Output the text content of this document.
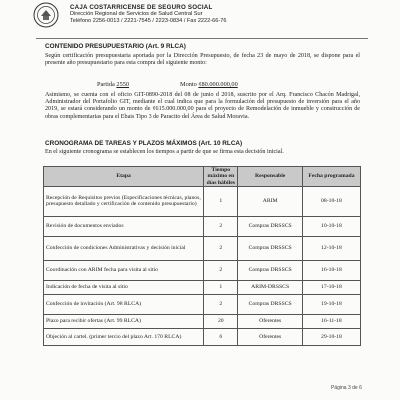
CAJA COSTARRICENSE DE SEGURO SOCIAL
Dirección Regional de Servicios de Salud Central Sur
Teléfono 2256-0013 / 2221-7545 / 2223-0834 / Fax 2222-66-76
CONTENIDO PRESUPUESTARIO (Art. 9 RLCA)
Según certificación presupuestaria aportada por la Dirección Presupuesto, de fecha 23 de mayo de 2018, se dispone para el presente año presupuestario para esta compra del siguiente monto:
Partida 2550	Monto ¢80.000.000,00
Asimismo, se cuenta con el oficio GIT-0890-2018 del 08 de junio d 2018, suscrito por el Arq. Francisco Chacón Madrigal, Administrador del Portafolio GIT, mediante el cual indica que para la formulación del presupuesto de inversión para el año 2019, se estará considerando un monto de ¢615.000.000,00 para el proyecto de Remodelación de inmueble y construcción de obras complementarias para el Ebais Tipo 3 de Paracito del Área de Salud Moravia.
CRONOGRAMA DE TAREAS Y PLAZOS MÁXIMOS (Art. 10 RLCA)
En el siguiente cronograma se establecen los tiempos a partir de que se firma esta decisión inicial.
Etapa	Tiempo máximo en días hábiles	Responsable	Fecha programada
Recepción de Requisitos previos (Especificaciones técnicas, planos, presupuesto detallado y certificación de contenido presupuestario)	1	ARIM	08-10-18
Revisión de documentos enviados	2	Compras DRSSCS	10-10-18
Confección de condiciones Administrativas y decisión inicial	2	Compras DRSSCS	12-10-18
Coordinación con ARIM fecha para visita al sitio	2	Compras DRSSCS	16-10-18
Indicación de fecha de visita al sitio	1	ARIM-DRSSCS	17-10-18
Confección de invitación (Art. 98 RLCA)	2	Compras DRSSCS	19-10-18
Plazo para recibir ofertas (Art. 99 RLCA)	20	Oferentes	16-11-18
Objeción al cartel. (primer tercio del plazo Art. 170 RLCA)	6	Oferentes	29-10-18
Página 3 de 6
